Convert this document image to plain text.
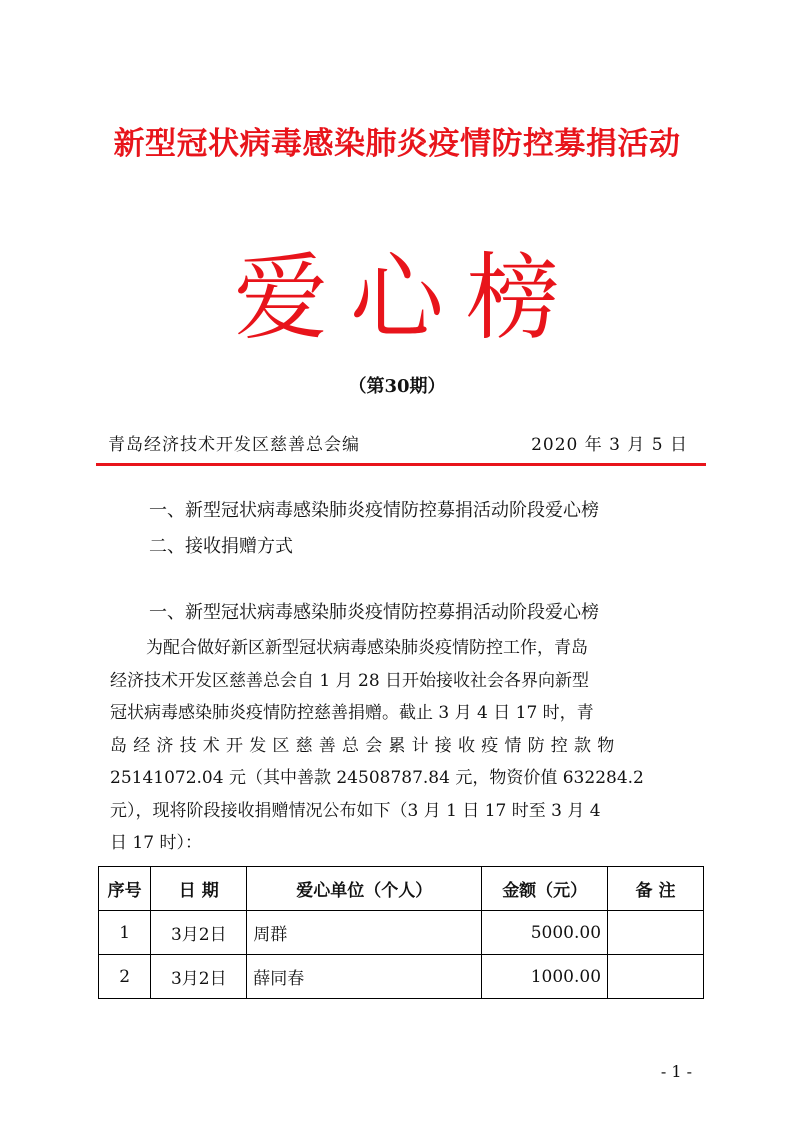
新型冠状病毒感染肺炎疫情防控募捐活动
爱心榜
（第30期）
青岛经济技术开发区慈善总会编	2020 年 3 月 5 日
一、新型冠状病毒感染肺炎疫情防控募捐活动阶段爱心榜
二、接收捐赠方式
一、新型冠状病毒感染肺炎疫情防控募捐活动阶段爱心榜
为配合做好新区新型冠状病毒感染肺炎疫情防控工作，青岛
经济技术开发区慈善总会自 1 月 28 日开始接收社会各界向新型
冠状病毒感染肺炎疫情防控慈善捐赠。截止 3 月 4 日 17 时，青
岛经济技术开发区慈善总会累计接收疫情防控款物
25141072.04 元（其中善款 24508787.84 元，物资价值 632284.2
元），现将阶段接收捐赠情况公布如下（3 月 1 日 17 时至 3 月 4
日 17 时）：
序号	日 期	爱心单位（个人）	金额（元）	备 注
1	3月2日	周群	5000.00	
2	3月2日	薛同春	1000.00	
- 1 -
